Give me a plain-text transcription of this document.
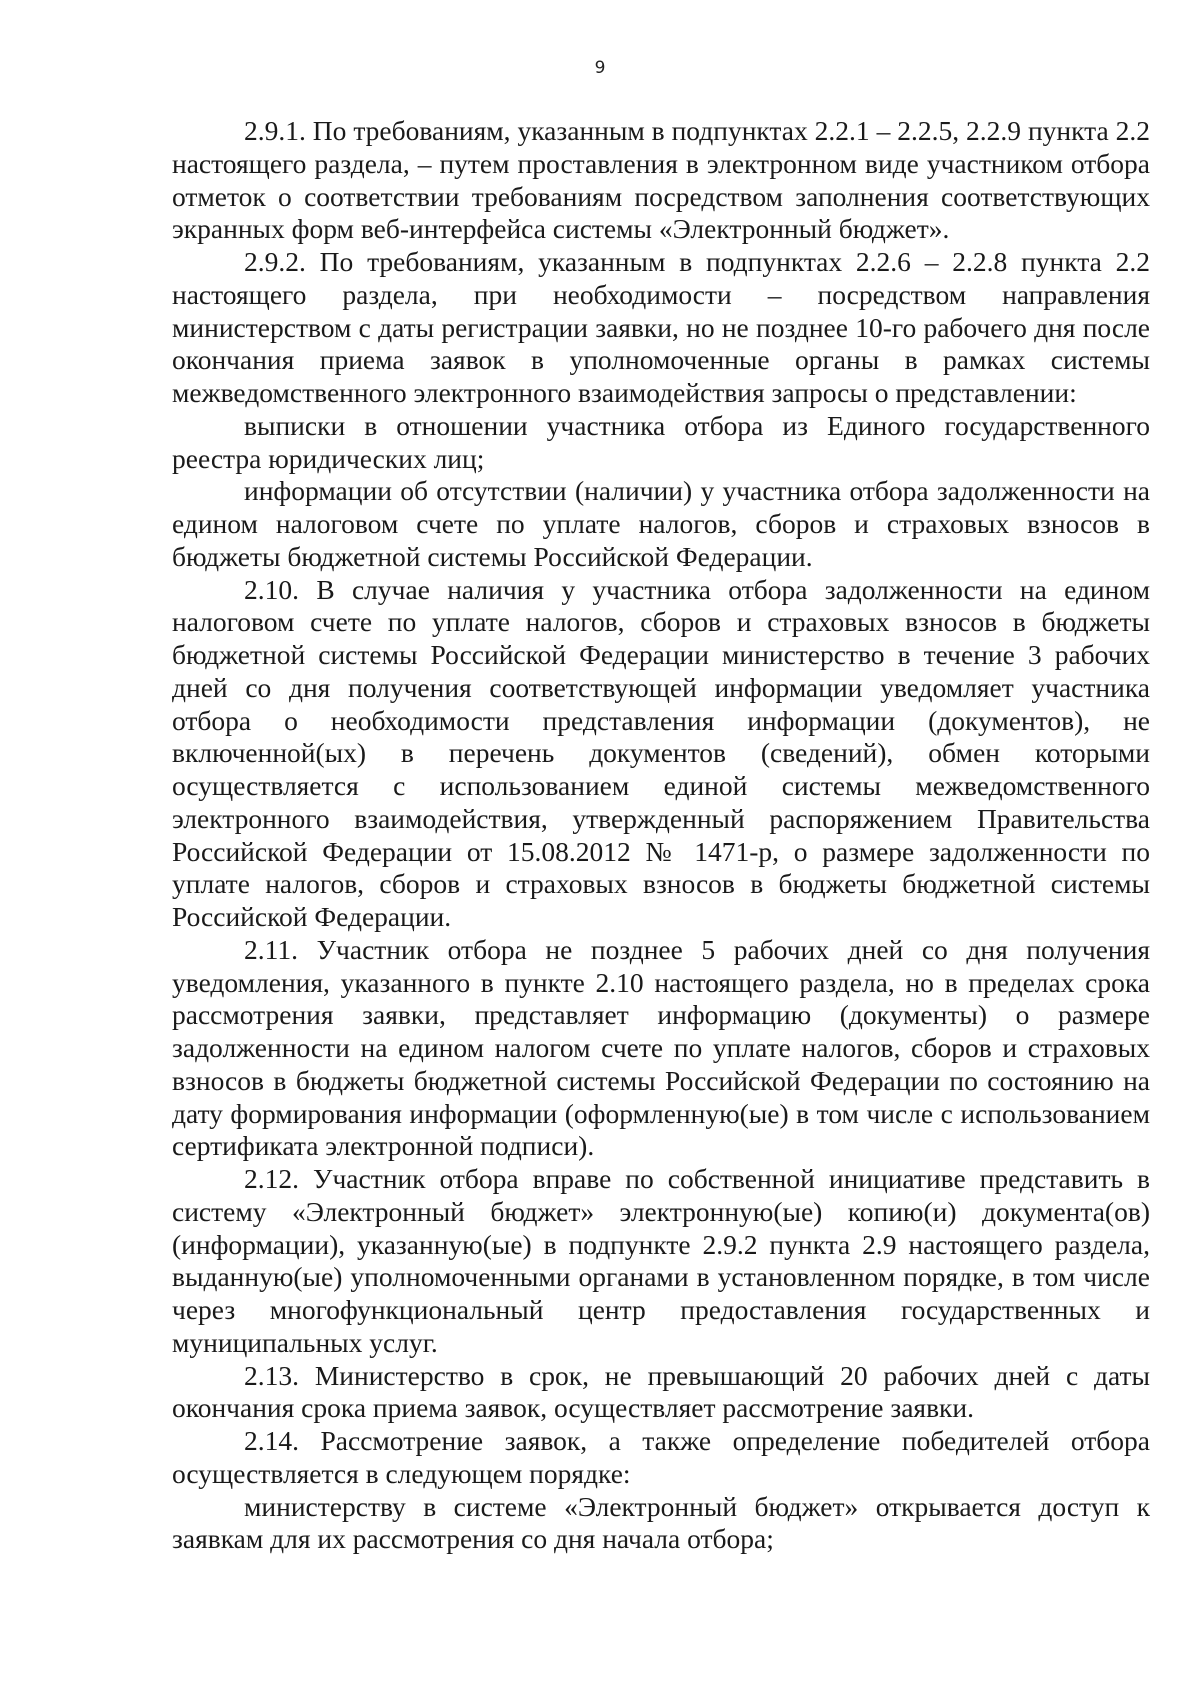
9

2.9.1. По требованиям, указанным в подпунктах 2.2.1 – 2.2.5, 2.2.9 пункта 2.2 настоящего раздела, – путем проставления в электронном виде участником отбора отметок о соответствии требованиям посредством заполнения соответствующих экранных форм веб-интерфейса системы «Электронный бюджет».

2.9.2. По требованиям, указанным в подпунктах 2.2.6 – 2.2.8 пункта 2.2 настоящего раздела, при необходимости – посредством направления министерством с даты регистрации заявки, но не позднее 10-го рабочего дня после окончания приема заявок в уполномоченные органы в рамках системы межведомственного электронного взаимодействия запросы о представлении:

выписки в отношении участника отбора из Единого государственного реестра юридических лиц;

информации об отсутствии (наличии) у участника отбора задолженности на едином налоговом счете по уплате налогов, сборов и страховых взносов в бюджеты бюджетной системы Российской Федерации.

2.10. В случае наличия у участника отбора задолженности на едином налоговом счете по уплате налогов, сборов и страховых взносов в бюджеты бюджетной системы Российской Федерации министерство в течение 3 рабочих дней со дня получения соответствующей информации уведомляет участника отбора о необходимости представления информации (документов), не включенной(ых) в перечень документов (сведений), обмен которыми осуществляется с использованием единой системы межведомственного электронного взаимодействия, утвержденный распоряжением Правительства Российской Федерации от 15.08.2012 № 1471-р, о размере задолженности по уплате налогов, сборов и страховых взносов в бюджеты бюджетной системы Российской Федерации.

2.11. Участник отбора не позднее 5 рабочих дней со дня получения уведомления, указанного в пункте 2.10 настоящего раздела, но в пределах срока рассмотрения заявки, представляет информацию (документы) о размере задолженности на едином налогом счете по уплате налогов, сборов и страховых взносов в бюджеты бюджетной системы Российской Федерации по состоянию на дату формирования информации (оформленную(ые) в том числе с использованием сертификата электронной подписи).

2.12. Участник отбора вправе по собственной инициативе представить в систему «Электронный бюджет» электронную(ые) копию(и) документа(ов) (информации), указанную(ые) в подпункте 2.9.2 пункта 2.9 настоящего раздела, выданную(ые) уполномоченными органами в установленном порядке, в том числе через многофункциональный центр предоставления государственных и муниципальных услуг.

2.13. Министерство в срок, не превышающий 20 рабочих дней с даты окончания срока приема заявок, осуществляет рассмотрение заявки.

2.14. Рассмотрение заявок, а также определение победителей отбора осуществляется в следующем порядке:

министерству в системе «Электронный бюджет» открывается доступ к заявкам для их рассмотрения со дня начала отбора;
